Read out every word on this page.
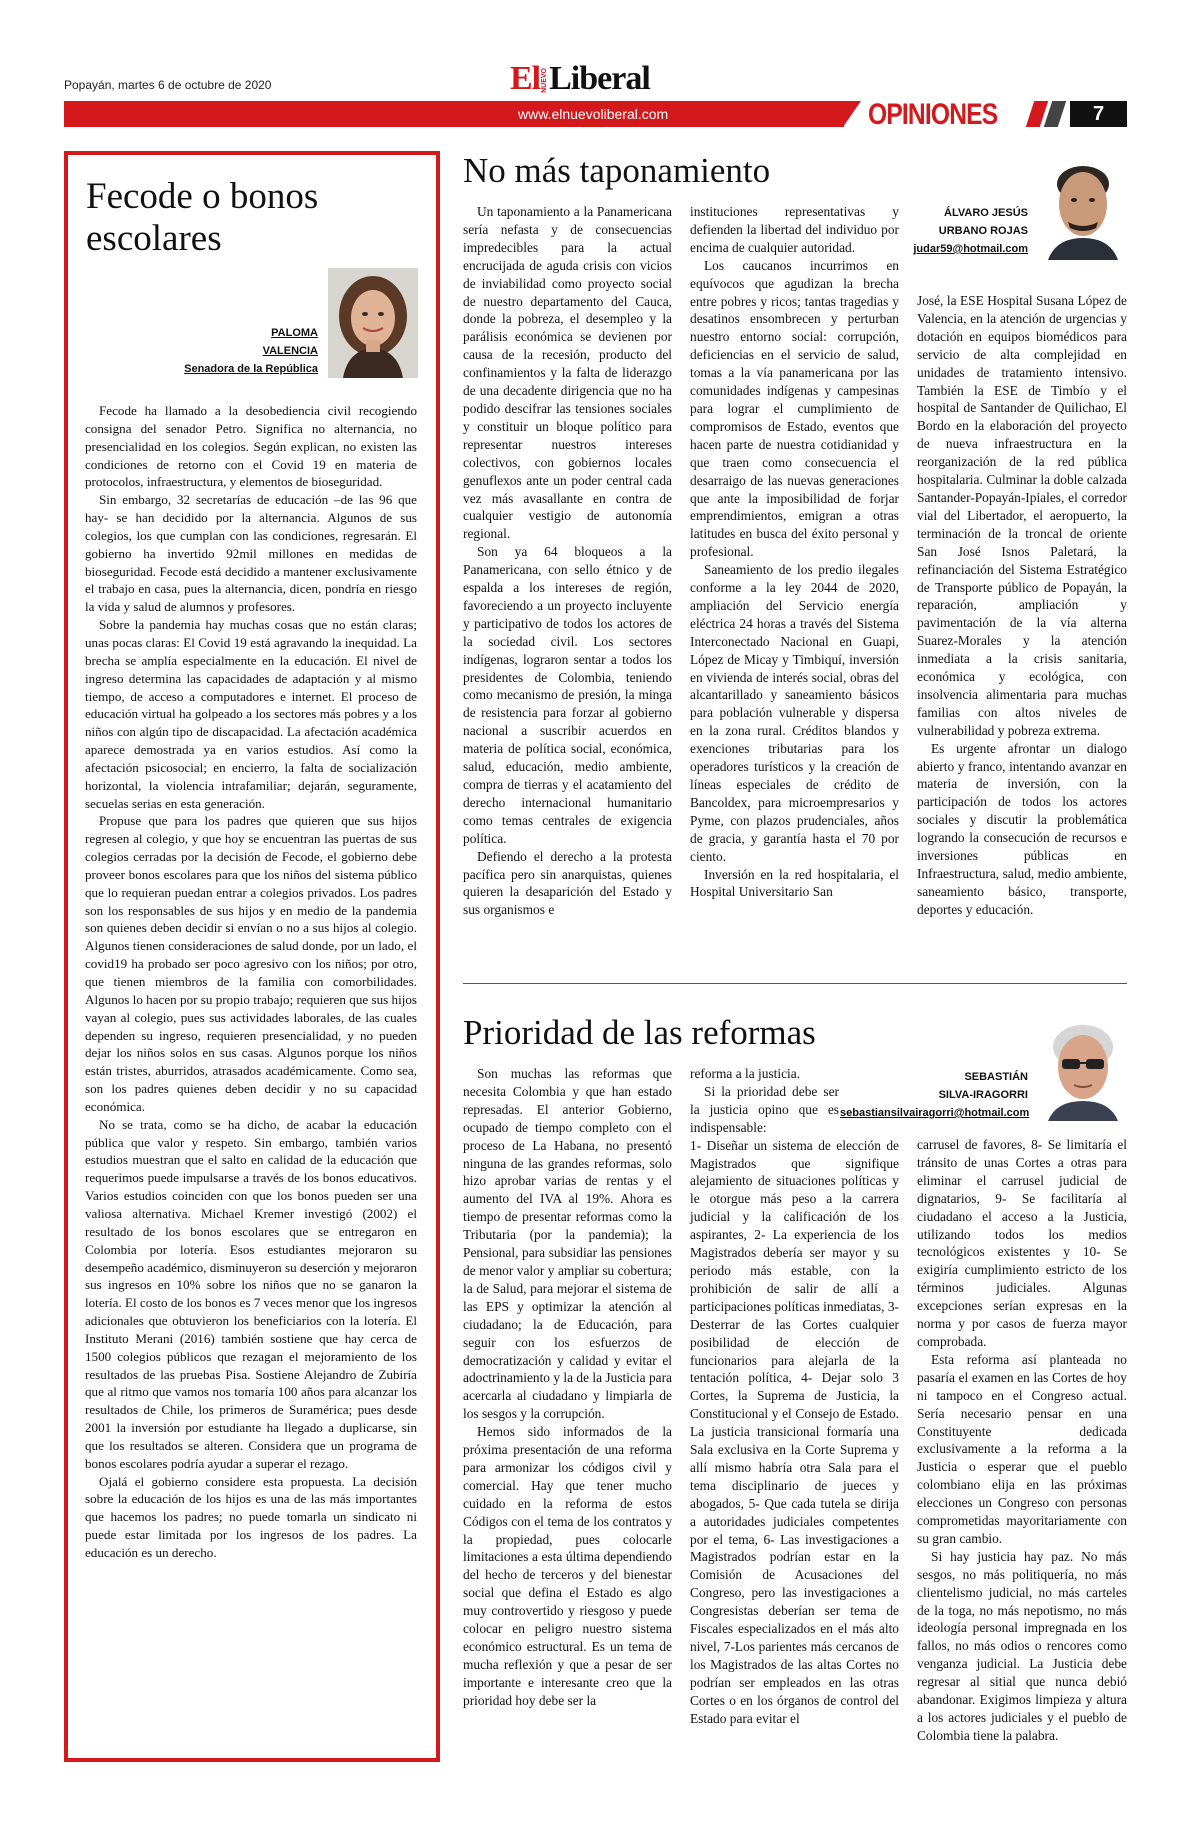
Popayán, martes 6 de octubre de 2020	El NUEVO Liberal
www.elnuevoliberal.com	OPINIONES	7
Fecode o bonos escolares
PALOMA
VALENCIA
Senadora de la República

Fecode ha llamado a la desobediencia civil recogiendo consigna del senador Petro. Significa no alternancia, no presencialidad en los colegios. Según explican, no existen las condiciones de retorno con el Covid 19 en materia de protocolos, infraestructura, y elementos de bioseguridad.

Sin embargo, 32 secretarías de educación –de las 96 que hay- se han decidido por la alternancia. Algunos de sus colegios, los que cumplan con las condiciones, regresarán. El gobierno ha invertido 92mil millones en medidas de bioseguridad. Fecode está decidido a mantener exclusivamente el trabajo en casa, pues la alternancia, dicen, pondría en riesgo la vida y salud de alumnos y profesores.

Sobre la pandemia hay muchas cosas que no están claras; unas pocas claras: El Covid 19 está agravando la inequidad. La brecha se amplía especialmente en la educación. El nivel de ingreso determina las capacidades de adaptación y al mismo tiempo, de acceso a computadores e internet. El proceso de educación virtual ha golpeado a los sectores más pobres y a los niños con algún tipo de discapacidad. La afectación académica aparece demostrada ya en varios estudios. Así como la afectación psicosocial; en encierro, la falta de socialización horizontal, la violencia intrafamiliar; dejarán, seguramente, secuelas serias en esta generación.

Propuse que para los padres que quieren que sus hijos regresen al colegio, y que hoy se encuentran las puertas de sus colegios cerradas por la decisión de Fecode, el gobierno debe proveer bonos escolares para que los niños del sistema público que lo requieran puedan entrar a colegios privados. Los padres son los responsables de sus hijos y en medio de la pandemia son quienes deben decidir si envían o no a sus hijos al colegio. Algunos tienen consideraciones de salud donde, por un lado, el covid19 ha probado ser poco agresivo con los niños; por otro, que tienen miembros de la familia con comorbilidades. Algunos lo hacen por su propio trabajo; requieren que sus hijos vayan al colegio, pues sus actividades laborales, de las cuales dependen su ingreso, requieren presencialidad, y no pueden dejar los niños solos en sus casas. Algunos porque los niños están tristes, aburridos, atrasados académicamente. Como sea, son los padres quienes deben decidir y no su capacidad económica.

No se trata, como se ha dicho, de acabar la educación pública que valor y respeto. Sin embargo, también varios estudios muestran que el salto en calidad de la educación que requerimos puede impulsarse a través de los bonos educativos. Varios estudios coinciden con que los bonos pueden ser una valiosa alternativa. Michael Kremer investigó (2002) el resultado de los bonos escolares que se entregaron en Colombia por lotería. Esos estudiantes mejoraron su desempeño académico, disminuyeron su deserción y mejoraron sus ingresos en 10% sobre los niños que no se ganaron la lotería. El costo de los bonos es 7 veces menor que los ingresos adicionales que obtuvieron los beneficiarios con la lotería. El Instituto Merani (2016) también sostiene que hay cerca de 1500 colegios públicos que rezagan el mejoramiento de los resultados de las pruebas Pisa. Sostiene Alejandro de Zubiría que al ritmo que vamos nos tomaría 100 años para alcanzar los resultados de Chile, los primeros de Suramérica; pues desde 2001 la inversión por estudiante ha llegado a duplicarse, sin que los resultados se alteren. Considera que un programa de bonos escolares podría ayudar a superar el rezago.

Ojalá el gobierno considere esta propuesta. La decisión sobre la educación de los hijos es una de las más importantes que hacemos los padres; no puede tomarla un sindicato ni puede estar limitada por los ingresos de los padres. La educación es un derecho.

No más taponamiento
ÁLVARO JESÚS
URBANO ROJAS
judar59@hotmail.com

Un taponamiento a la Panamericana sería nefasta y de consecuencias impredecibles para la actual encrucijada de aguda crisis con vicios de inviabilidad como proyecto social de nuestro departamento del Cauca, donde la pobreza, el desempleo y la parálisis económica se devienen por causa de la recesión, producto del confinamientos y la falta de liderazgo de una decadente dirigencia que no ha podido descifrar las tensiones sociales y constituir un bloque político para representar nuestros intereses colectivos, con gobiernos locales genuflexos ante un poder central cada vez más avasallante en contra de cualquier vestigio de autonomía regional.

Son ya 64 bloqueos a la Panamericana, con sello étnico y de espalda a los intereses de región, favoreciendo a un proyecto incluyente y participativo de todos los actores de la sociedad civil. Los sectores indígenas, lograron sentar a todos los presidentes de Colombia, teniendo como mecanismo de presión, la minga de resistencia para forzar al gobierno nacional a suscribir acuerdos en materia de política social, económica, salud, educación, medio ambiente, compra de tierras y el acatamiento del derecho internacional humanitario como temas centrales de exigencia política.

Defiendo el derecho a la protesta pacífica pero sin anarquistas, quienes quieren la desaparición del Estado y sus organismos e

instituciones representativas y defienden la libertad del individuo por encima de cualquier autoridad.

Los caucanos incurrimos en equívocos que agudizan la brecha entre pobres y ricos; tantas tragedias y desatinos ensombrecen y perturban nuestro entorno social: corrupción, deficiencias en el servicio de salud, tomas a la vía panamericana por las comunidades indígenas y campesinas para lograr el cumplimiento de compromisos de Estado, eventos que hacen parte de nuestra cotidianidad y que traen como consecuencia el desarraigo de las nuevas generaciones que ante la imposibilidad de forjar emprendimientos, emigran a otras latitudes en busca del éxito personal y profesional.

Saneamiento de los predio ilegales conforme a la ley 2044 de 2020, ampliación del Servicio energía eléctrica 24 horas a través del Sistema Interconectado Nacional en Guapi, López de Micay y Timbiquí, inversión en vivienda de interés social, obras del alcantarillado y saneamiento básicos para población vulnerable y dispersa en la zona rural. Créditos blandos y exenciones tributarias para los operadores turísticos y la creación de líneas especiales de crédito de Bancoldex, para microempresarios y Pyme, con plazos prudenciales, años de gracia, y garantía hasta el 70 por ciento.

Inversión en la red hospitalaria, el Hospital Universitario San

José, la ESE Hospital Susana López de Valencia, en la atención de urgencias y dotación en equipos biomédicos para servicio de alta complejidad en unidades de tratamiento intensivo. También la ESE de Timbío y el hospital de Santander de Quilichao, El Bordo en la elaboración del proyecto de nueva infraestructura en la reorganización de la red pública hospitalaria. Culminar la doble calzada Santander-Popayán-Ipiales, el corredor vial del Libertador, el aeropuerto, la terminación de la troncal de oriente San José Isnos Paletará, la refinanciación del Sistema Estratégico de Transporte público de Popayán, la reparación, ampliación y pavimentación de la vía alterna Suarez-Morales y la atención inmediata a la crisis sanitaria, económica y ecológica, con insolvencia alimentaria para muchas familias con altos niveles de vulnerabilidad y pobreza extrema.

Es urgente afrontar un dialogo abierto y franco, intentando avanzar en materia de inversión, con la participación de todos los actores sociales y discutir la problemática logrando la consecución de recursos e inversiones públicas en Infraestructura, salud, medio ambiente, saneamiento básico, transporte, deportes y educación.

Prioridad de las reformas
SEBASTIÁN
SILVA-IRAGORRI
sebastiansilvairagorri@hotmail.com

Son muchas las reformas que necesita Colombia y que han estado represadas. El anterior Gobierno, ocupado de tiempo completo con el proceso de La Habana, no presentó ninguna de las grandes reformas, solo hizo aprobar varias de rentas y el aumento del IVA al 19%. Ahora es tiempo de presentar reformas como la Tributaria (por la pandemia); la Pensional, para subsidiar las pensiones de menor valor y ampliar su cobertura; la de Salud, para mejorar el sistema de las EPS y optimizar la atención al ciudadano; la de Educación, para seguir con los esfuerzos de democratización y calidad y evitar el adoctrinamiento y la de la Justicia para acercarla al ciudadano y limpiarla de los sesgos y la corrupción.

Hemos sido informados de la próxima presentación de una reforma para armonizar los códigos civil y comercial. Hay que tener mucho cuidado en la reforma de estos Códigos con el tema de los contratos y la propiedad, pues colocarle limitaciones a esta última dependiendo del hecho de terceros y del bienestar social que defina el Estado es algo muy controvertido y riesgoso y puede colocar en peligro nuestro sistema económico estructural. Es un tema de mucha reflexión y que a pesar de ser importante e interesante creo que la prioridad hoy debe ser la

reforma a la justicia.

Si la prioridad debe ser la justicia opino que es indispensable:

1- Diseñar un sistema de elección de Magistrados que signifique alejamiento de situaciones políticas y le otorgue más peso a la carrera judicial y la calificación de los aspirantes, 2- La experiencia de los Magistrados debería ser mayor y su periodo más estable, con la prohibición de salir de allí a participaciones políticas inmediatas, 3- Desterrar de las Cortes cualquier posibilidad de elección de funcionarios para alejarla de la tentación política, 4- Dejar solo 3 Cortes, la Suprema de Justicia, la Constitucional y el Consejo de Estado. La justicia transicional formaría una Sala exclusiva en la Corte Suprema y allí mismo habría otra Sala para el tema disciplinario de jueces y abogados, 5- Que cada tutela se dirija a autoridades judiciales competentes por el tema, 6- Las investigaciones a Magistrados podrían estar en la Comisión de Acusaciones del Congreso, pero las investigaciones a Congresistas deberían ser tema de Fiscales especializados en el más alto nivel, 7-Los parientes más cercanos de los Magistrados de las altas Cortes no podrían ser empleados en las otras Cortes o en los órganos de control del Estado para evitar el

carrusel de favores, 8- Se limitaría el tránsito de unas Cortes a otras para eliminar el carrusel judicial de dignatarios, 9- Se facilitaría al ciudadano el acceso a la Justicia, utilizando todos los medios tecnológicos existentes y 10- Se exigiría cumplimiento estricto de los términos judiciales. Algunas excepciones serían expresas en la norma y por casos de fuerza mayor comprobada.

Esta reforma así planteada no pasaría el examen en las Cortes de hoy ni tampoco en el Congreso actual. Sería necesario pensar en una Constituyente dedicada exclusivamente a la reforma a la Justicia o esperar que el pueblo colombiano elija en las próximas elecciones un Congreso con personas comprometidas mayoritariamente con su gran cambio.

Si hay justicia hay paz. No más sesgos, no más politiquería, no más clientelismo judicial, no más carteles de la toga, no más nepotismo, no más ideología personal impregnada en los fallos, no más odios o rencores como venganza judicial. La Justicia debe regresar al sitial que nunca debió abandonar. Exigimos limpieza y altura a los actores judiciales y el pueblo de Colombia tiene la palabra.
